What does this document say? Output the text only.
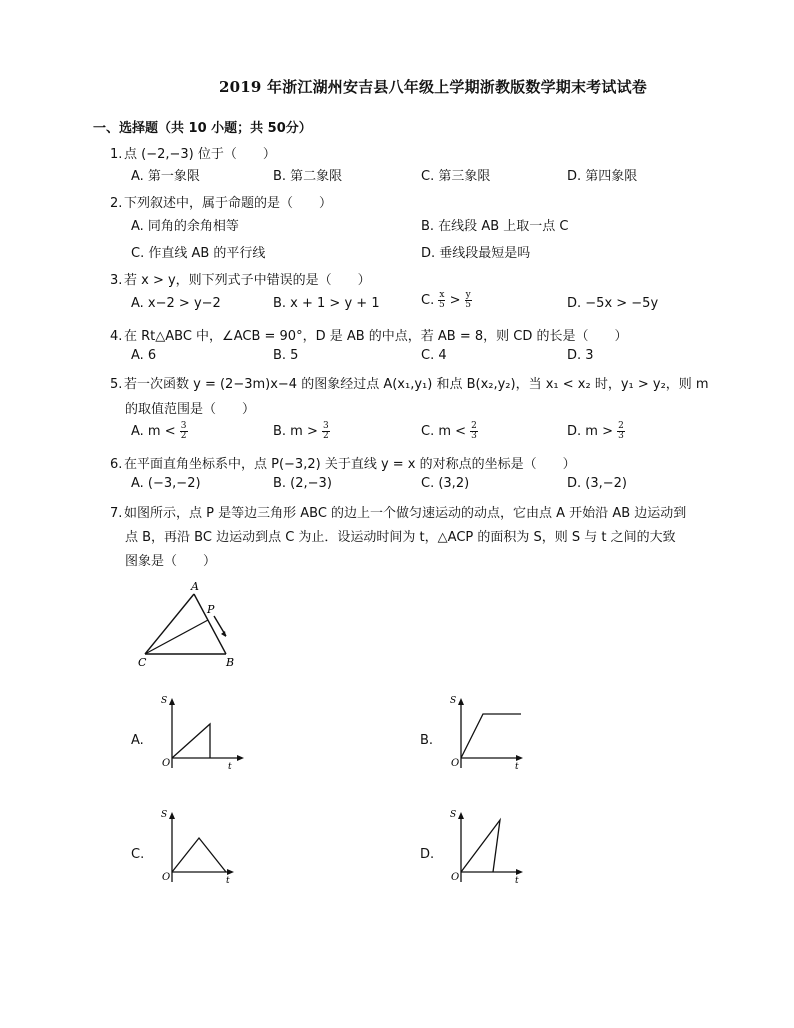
2019 年浙江湖州安吉县八年级上学期浙教版数学期末考试试卷
一、选择题（共 10 小题；共 50分）
1. 点 (−2,−3) 位于（　　）
A. 第一象限	B. 第二象限	C. 第三象限	D. 第四象限
2. 下列叙述中，属于命题的是（　　）
A. 同角的余角相等	B. 在线段 AB 上取一点 C
C. 作直线 AB 的平行线	D. 垂线段最短是吗
3. 若 x > y，则下列式子中错误的是（　　）
A. x−2 > y−2	B. x + 1 > y + 1	C. $\frac{x}{5} > \frac{y}{5}$	D. −5x > −5y
4. 在 Rt△ABC 中，∠ACB = 90°，D 是 AB 的中点，若 AB = 8，则 CD 的长是（　　）
A. 6	B. 5	C. 4	D. 3
5. 若一次函数 y = (2−3m)x−4 的图象经过点 A(x₁,y₁) 和点 B(x₂,y₂)，当 x₁ < x₂ 时，y₁ > y₂，则 m
的取值范围是（　　）
A. $m < \frac{3}{2}$	B. $m > \frac{3}{2}$	C. $m < \frac{2}{3}$	D. $m > \frac{2}{3}$
6. 在平面直角坐标系中，点 P(−3,2) 关于直线 y = x 的对称点的坐标是（　　）
A. (−3,−2)	B. (2,−3)	C. (3,2)	D. (3,−2)
7. 如图所示，点 P 是等边三角形 ABC 的边上一个做匀速运动的动点，它由点 A 开始沿 AB 边运动到
点 B，再沿 BC 边运动到点 C 为止．设运动时间为 t，△ACP 的面积为 S，则 S 与 t 之间的大致
图象是（　　）
A
B
C
P
A.
S
t
O
B.
S
t
O
C.
S
t
O
D.
S
t
O
